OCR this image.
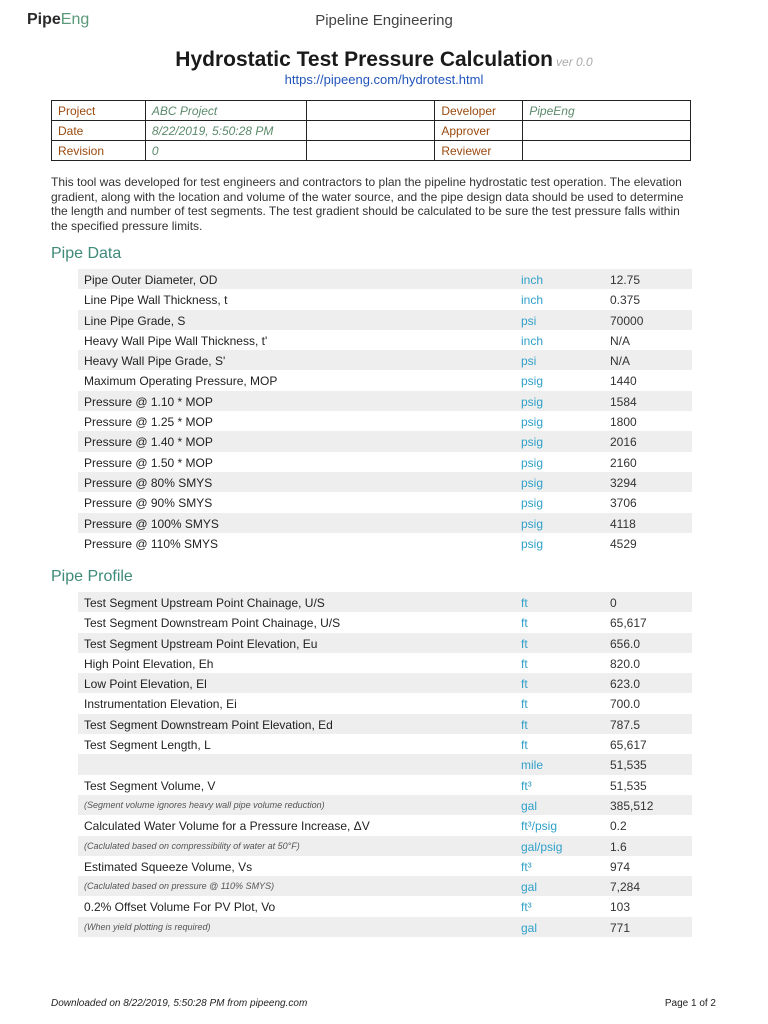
PipeEng	Pipeline Engineering
Hydrostatic Test Pressure Calculation ver 0.0
https://pipeeng.com/hydrotest.html
Project	ABC Project		Developer	PipeEng
Date	8/22/2019, 5:50:28 PM		Approver	
Revision	0		Reviewer	
This tool was developed for test engineers and contractors to plan the pipeline hydrostatic test operation. The elevation gradient, along with the location and volume of the water source, and the pipe design data should be used to determine the length and number of test segments. The test gradient should be calculated to be sure the test pressure falls within the specified pressure limits.
Pipe Data
Pipe Outer Diameter, OD	inch	12.75
Line Pipe Wall Thickness, t	inch	0.375
Line Pipe Grade, S	psi	70000
Heavy Wall Pipe Wall Thickness, t'	inch	N/A
Heavy Wall Pipe Grade, S'	psi	N/A
Maximum Operating Pressure, MOP	psig	1440
Pressure @ 1.10 * MOP	psig	1584
Pressure @ 1.25 * MOP	psig	1800
Pressure @ 1.40 * MOP	psig	2016
Pressure @ 1.50 * MOP	psig	2160
Pressure @ 80% SMYS	psig	3294
Pressure @ 90% SMYS	psig	3706
Pressure @ 100% SMYS	psig	4118
Pressure @ 110% SMYS	psig	4529
Pipe Profile
Test Segment Upstream Point Chainage, U/S	ft	0
Test Segment Downstream Point Chainage, U/S	ft	65,617
Test Segment Upstream Point Elevation, Eu	ft	656.0
High Point Elevation, Eh	ft	820.0
Low Point Elevation, El	ft	623.0
Instrumentation Elevation, Ei	ft	700.0
Test Segment Downstream Point Elevation, Ed	ft	787.5
Test Segment Length, L	ft	65,617
mile	51,535
Test Segment Volume, V	ft³	51,535
(Segment volume ignores heavy wall pipe volume reduction)	gal	385,512
Calculated Water Volume for a Pressure Increase, ΔV	ft³/psig	0.2
(Caclulated based on compressibility of water at 50°F)	gal/psig	1.6
Estimated Squeeze Volume, Vs	ft³	974
(Caclulated based on pressure @ 110% SMYS)	gal	7,284
0.2% Offset Volume For PV Plot, Vo	ft³	103
(When yield plotting is required)	gal	771
Downloaded on 8/22/2019, 5:50:28 PM from pipeeng.com	Page 1 of 2
